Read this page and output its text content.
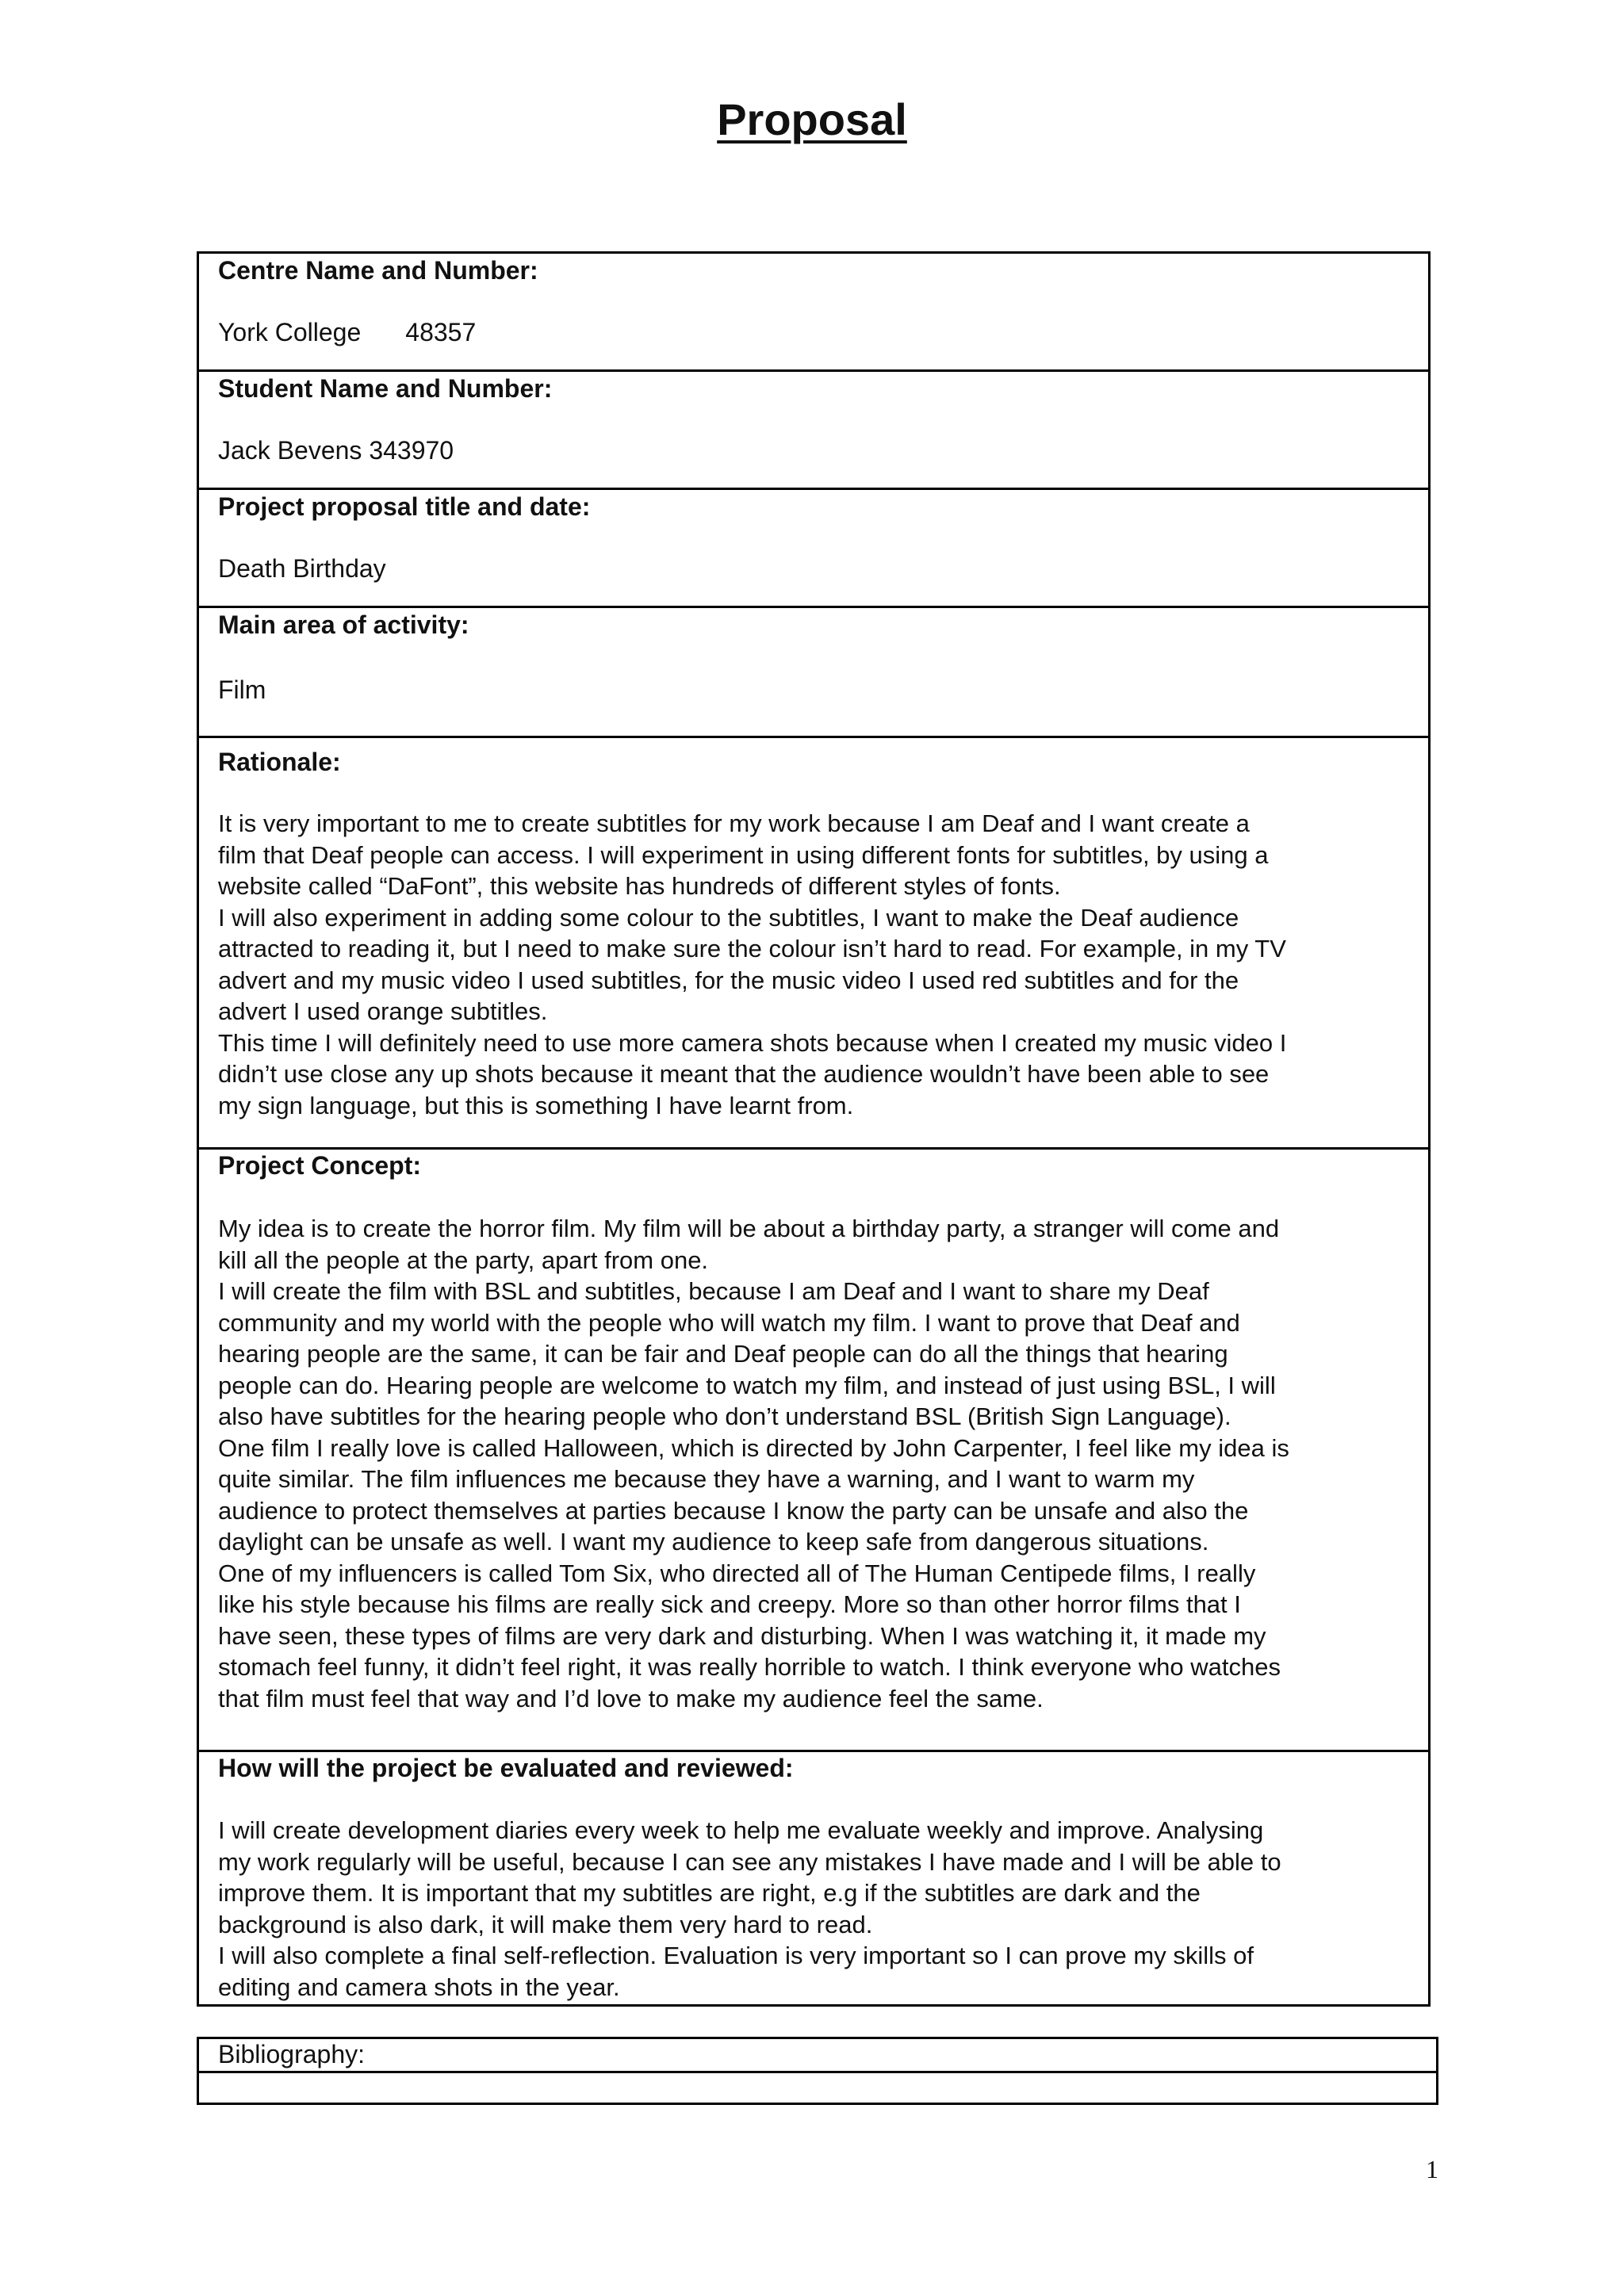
Proposal

Centre Name and Number:

York College 48357

Student Name and Number:

Jack Bevens 343970

Project proposal title and date:

Death Birthday

Main area of activity:

Film

Rationale:

It is very important to me to create subtitles for my work because I am Deaf and I want create a
film that Deaf people can access. I will experiment in using different fonts for subtitles, by using a
website called “DaFont”, this website has hundreds of different styles of fonts.
I will also experiment in adding some colour to the subtitles, I want to make the Deaf audience
attracted to reading it, but I need to make sure the colour isn’t hard to read. For example, in my TV
advert and my music video I used subtitles, for the music video I used red subtitles and for the
advert I used orange subtitles.
This time I will definitely need to use more camera shots because when I created my music video I
didn’t use close any up shots because it meant that the audience wouldn’t have been able to see
my sign language, but this is something I have learnt from.

Project Concept:

My idea is to create the horror film. My film will be about a birthday party, a stranger will come and
kill all the people at the party, apart from one.
I will create the film with BSL and subtitles, because I am Deaf and I want to share my Deaf
community and my world with the people who will watch my film. I want to prove that Deaf and
hearing people are the same, it can be fair and Deaf people can do all the things that hearing
people can do. Hearing people are welcome to watch my film, and instead of just using BSL, I will
also have subtitles for the hearing people who don’t understand BSL (British Sign Language).
One film I really love is called Halloween, which is directed by John Carpenter, I feel like my idea is
quite similar. The film influences me because they have a warning, and I want to warm my
audience to protect themselves at parties because I know the party can be unsafe and also the
daylight can be unsafe as well. I want my audience to keep safe from dangerous situations.
One of my influencers is called Tom Six, who directed all of The Human Centipede films, I really
like his style because his films are really sick and creepy. More so than other horror films that I
have seen, these types of films are very dark and disturbing. When I was watching it, it made my
stomach feel funny, it didn’t feel right, it was really horrible to watch. I think everyone who watches
that film must feel that way and I’d love to make my audience feel the same.

How will the project be evaluated and reviewed:

I will create development diaries every week to help me evaluate weekly and improve. Analysing
my work regularly will be useful, because I can see any mistakes I have made and I will be able to
improve them. It is important that my subtitles are right, e.g if the subtitles are dark and the
background is also dark, it will make them very hard to read.
I will also complete a final self-reflection. Evaluation is very important so I can prove my skills of
editing and camera shots in the year.

Bibliography:
1
